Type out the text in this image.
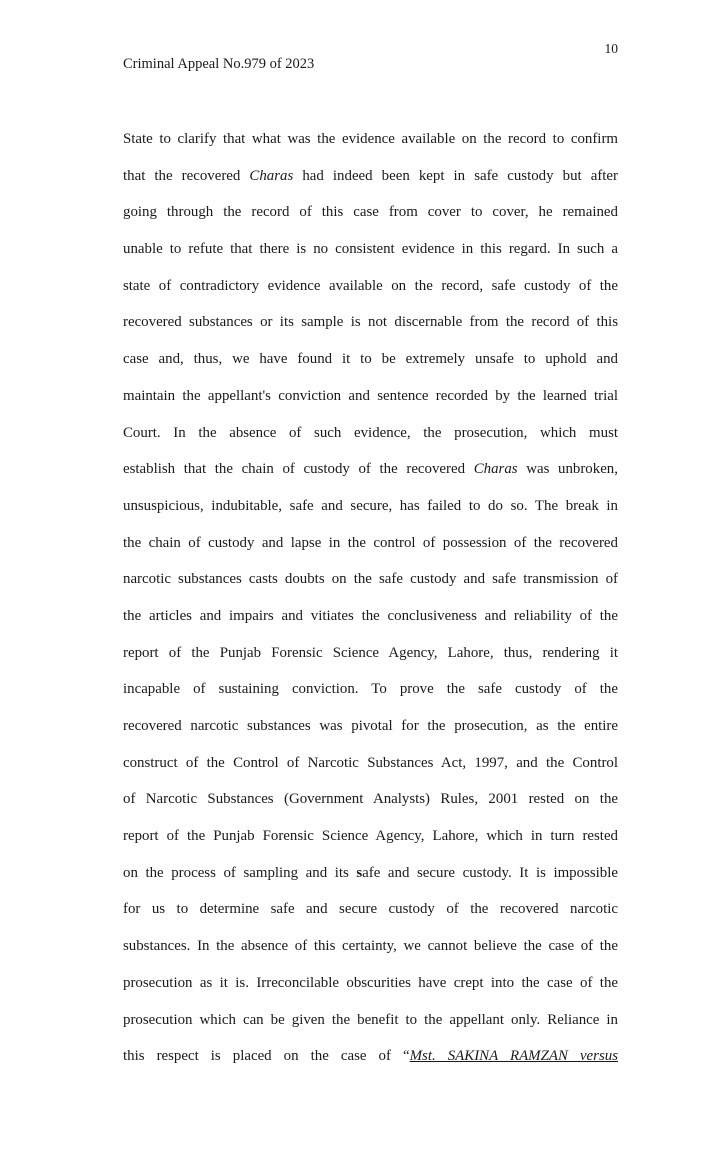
10
Criminal Appeal No.979 of 2023
State to clarify that what was the evidence available on the record to confirm
that the recovered Charas had indeed been kept in safe custody but after
going through the record of this case from cover to cover, he remained
unable to refute that there is no consistent evidence in this regard. In such a
state of contradictory evidence available on the record, safe custody of the
recovered substances or its sample is not discernable from the record of this
case and, thus, we have found it to be extremely unsafe to uphold and
maintain the appellant's conviction and sentence recorded by the learned trial
Court. In the absence of such evidence, the prosecution, which must
establish that the chain of custody of the recovered Charas was unbroken,
unsuspicious, indubitable, safe and secure, has failed to do so. The break in
the chain of custody and lapse in the control of possession of the recovered
narcotic substances casts doubts on the safe custody and safe transmission of
the articles and impairs and vitiates the conclusiveness and reliability of the
report of the Punjab Forensic Science Agency, Lahore, thus, rendering it
incapable of sustaining conviction. To prove the safe custody of the
recovered narcotic substances was pivotal for the prosecution, as the entire
construct of the Control of Narcotic Substances Act, 1997, and the Control
of Narcotic Substances (Government Analysts) Rules, 2001 rested on the
report of the Punjab Forensic Science Agency, Lahore, which in turn rested
on the process of sampling and its safe and secure custody. It is impossible
for us to determine safe and secure custody of the recovered narcotic
substances. In the absence of this certainty, we cannot believe the case of the
prosecution as it is. Irreconcilable obscurities have crept into the case of the
prosecution which can be given the benefit to the appellant only. Reliance in
this respect is placed on the case of “Mst. SAKINA RAMZAN versus
